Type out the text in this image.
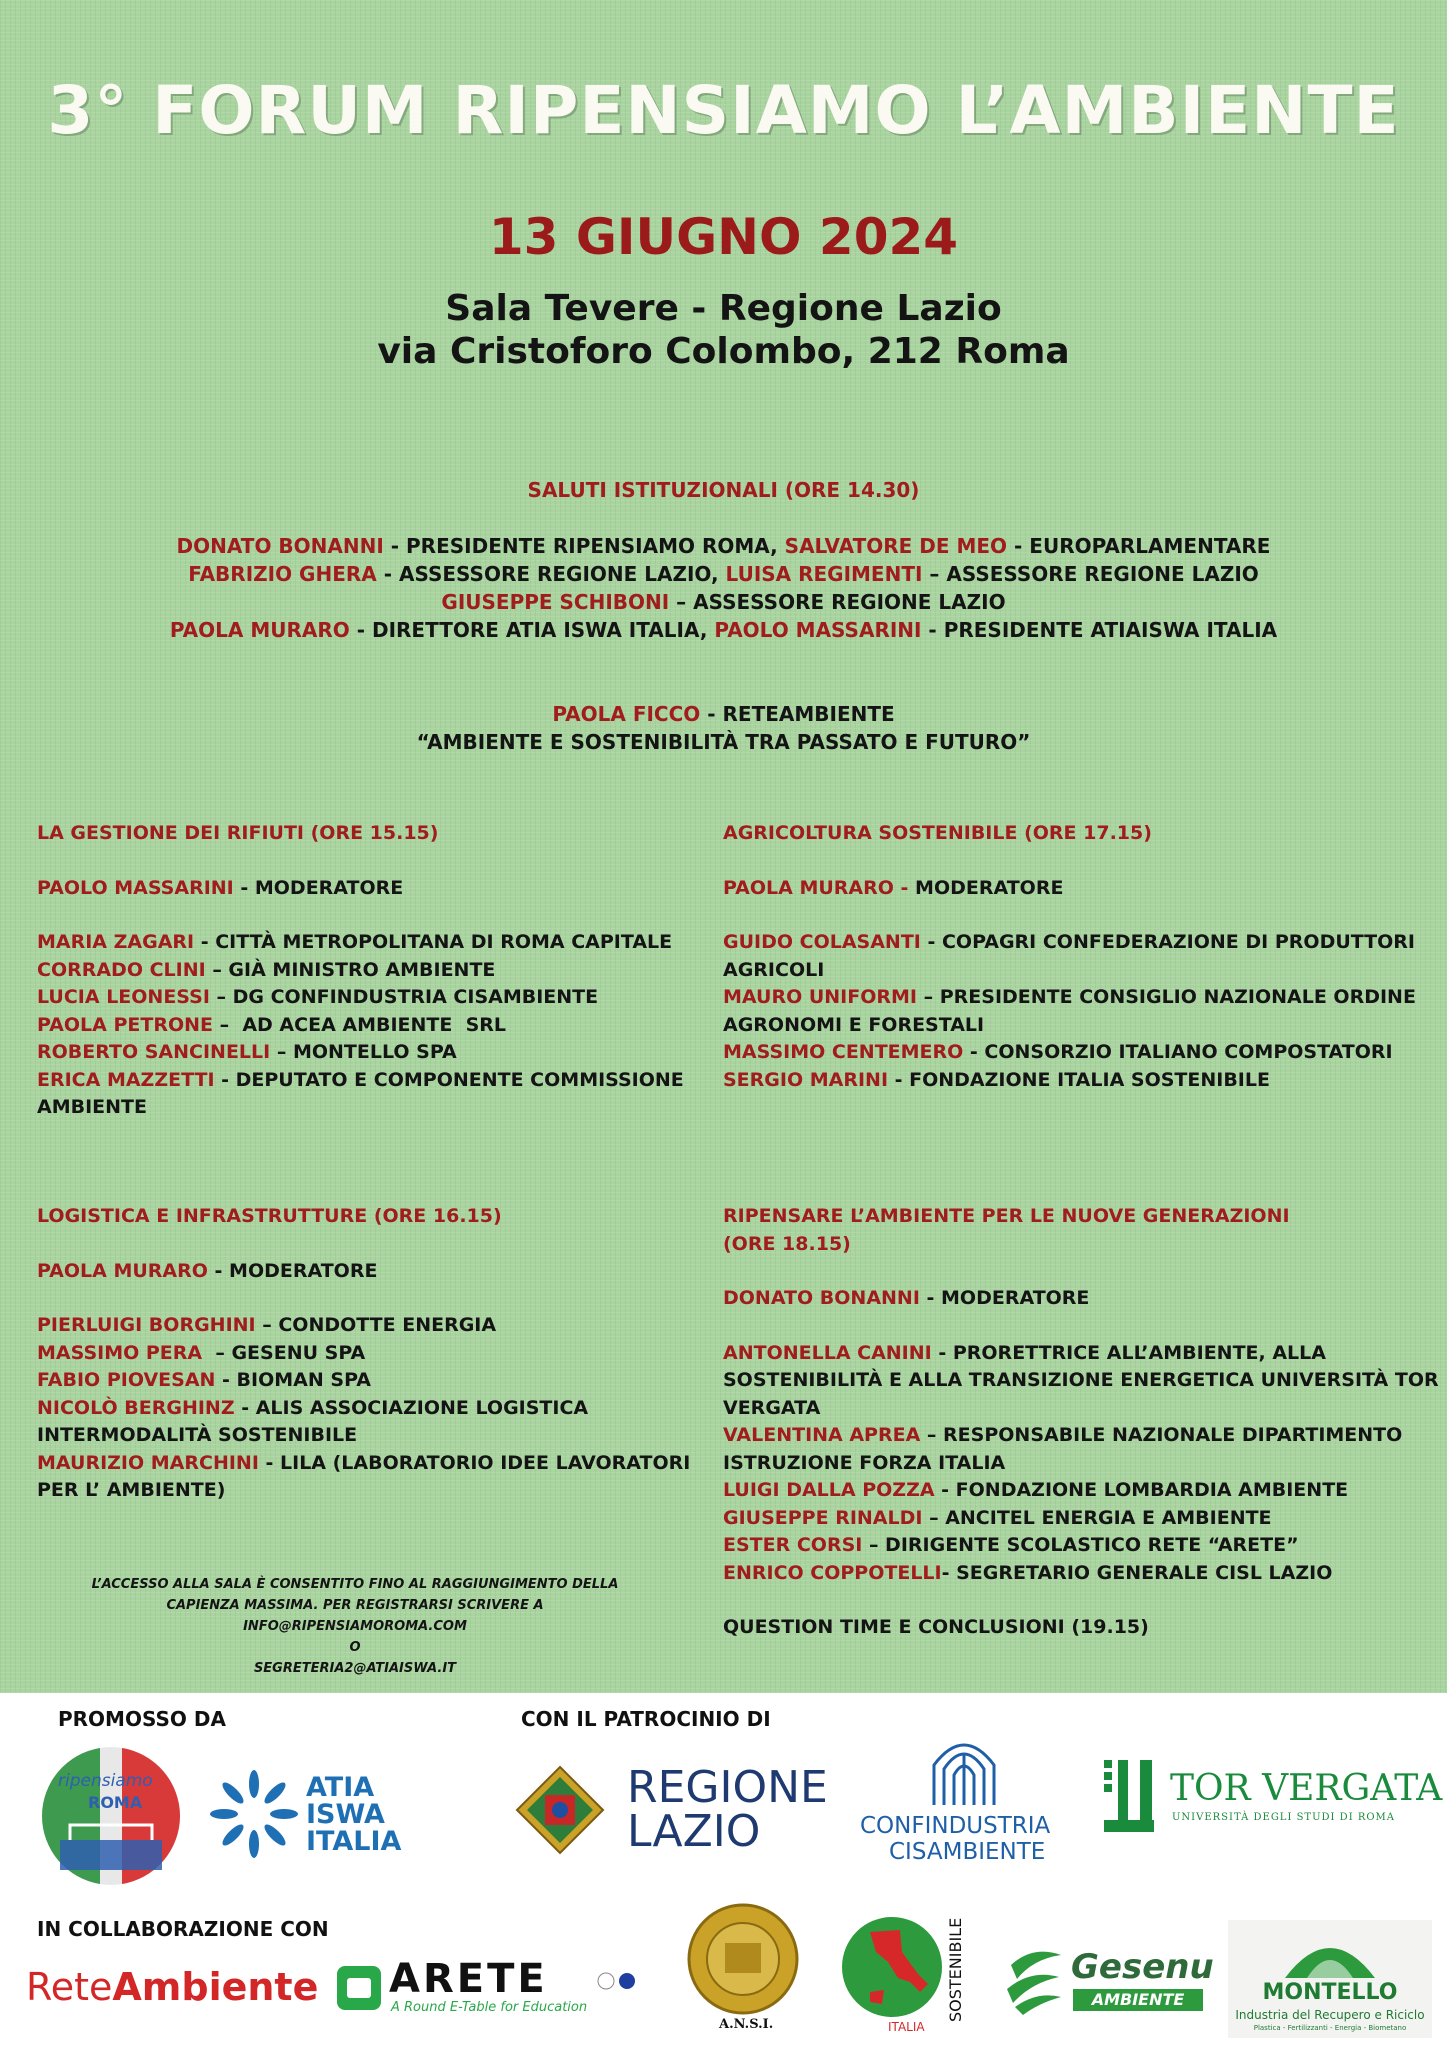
3° FORUM RIPENSIAMO L’AMBIENTE
13 GIUGNO 2024
Sala Tevere - Regione Lazio
via Cristoforo Colombo, 212 Roma
SALUTI ISTITUZIONALI (ORE 14.30)
DONATO BONANNI - PRESIDENTE RIPENSIAMO ROMA, SALVATORE DE MEO - EUROPARLAMENTARE
FABRIZIO GHERA - ASSESSORE REGIONE LAZIO, LUISA REGIMENTI – ASSESSORE REGIONE LAZIO
GIUSEPPE SCHIBONI – ASSESSORE REGIONE LAZIO
PAOLA MURARO - DIRETTORE ATIA ISWA ITALIA, PAOLO MASSARINI - PRESIDENTE ATIAISWA ITALIA
PAOLA FICCO - RETEAMBIENTE
“AMBIENTE E SOSTENIBILITÀ TRA PASSATO E FUTURO”
LA GESTIONE DEI RIFIUTI (ORE 15.15)
PAOLO MASSARINI - MODERATORE
MARIA ZAGARI - CITTÀ METROPOLITANA DI ROMA CAPITALE
CORRADO CLINI – GIÀ MINISTRO AMBIENTE
LUCIA LEONESSI – DG CONFINDUSTRIA CISAMBIENTE
PAOLA PETRONE –  AD ACEA AMBIENTE  SRL
ROBERTO SANCINELLI – MONTELLO SPA
ERICA MAZZETTI - DEPUTATO E COMPONENTE COMMISSIONE
AMBIENTE
AGRICOLTURA SOSTENIBILE (ORE 17.15)
PAOLA MURARO - MODERATORE
GUIDO COLASANTI - COPAGRI CONFEDERAZIONE DI PRODUTTORI
AGRICOLI
MAURO UNIFORMI – PRESIDENTE CONSIGLIO NAZIONALE ORDINE
AGRONOMI E FORESTALI
MASSIMO CENTEMERO - CONSORZIO ITALIANO COMPOSTATORI
SERGIO MARINI - FONDAZIONE ITALIA SOSTENIBILE
LOGISTICA E INFRASTRUTTURE (ORE 16.15)
PAOLA MURARO - MODERATORE
PIERLUIGI BORGHINI – CONDOTTE ENERGIA
MASSIMO PERA  – GESENU SPA
FABIO PIOVESAN - BIOMAN SPA
NICOLÒ BERGHINZ - ALIS ASSOCIAZIONE LOGISTICA
INTERMODALITÀ SOSTENIBILE
MAURIZIO MARCHINI - LILA (LABORATORIO IDEE LAVORATORI
PER L’ AMBIENTE)
RIPENSARE L’AMBIENTE PER LE NUOVE GENERAZIONI
(ORE 18.15)
DONATO BONANNI - MODERATORE
ANTONELLA CANINI - PRORETTRICE ALL’AMBIENTE, ALLA
SOSTENIBILITÀ E ALLA TRANSIZIONE ENERGETICA UNIVERSITÀ TOR
VERGATA
VALENTINA APREA – RESPONSABILE NAZIONALE DIPARTIMENTO
ISTRUZIONE FORZA ITALIA
LUIGI DALLA POZZA - FONDAZIONE LOMBARDIA AMBIENTE
GIUSEPPE RINALDI – ANCITEL ENERGIA E AMBIENTE
ESTER CORSI – DIRIGENTE SCOLASTICO RETE “ARETE”
ENRICO COPPOTELLI- SEGRETARIO GENERALE CISL LAZIO
QUESTION TIME E CONCLUSIONI (19.15)
L’ACCESSO ALLA SALA È CONSENTITO FINO AL RAGGIUNGIMENTO DELLA
CAPIENZA MASSIMA. PER REGISTRARSI SCRIVERE A
INFO@RIPENSIAMOROMA.COM
O
SEGRETERIA2@ATIAISWA.IT
PROMOSSO DA	CON IL PATROCINIO DI
IN COLLABORAZIONE CON
ripensiamo
ROMA	ATIA
ISWA
ITALIA
REGIONE
LAZIO	CONFINDUSTRIA
CISAMBIENTE
TOR VERGATA
UNIVERSITÀ DEGLI STUDI DI ROMA
ReteAmbiente ARETE
A Round E-Table for Education
A.N.S.I.
SOSTENIBILE
ITALIA
Gesenu
AMBIENTE	MONTELLO
Industria del Recupero e Riciclo
Plastica - Fertilizzanti - Energia - Biometano
